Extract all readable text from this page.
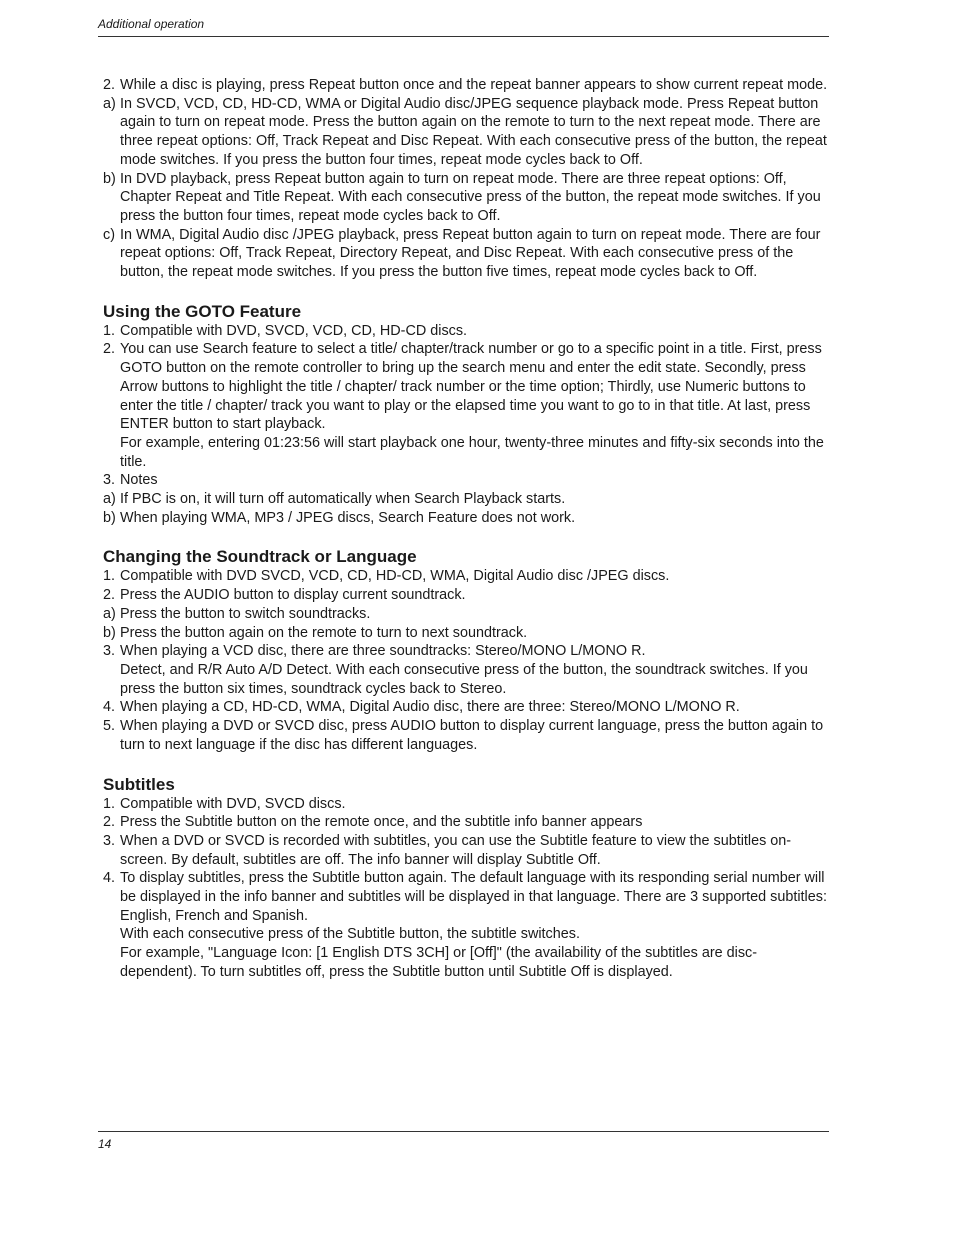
Additional operation
2. While a disc is playing, press Repeat button once and the repeat banner appears to show current repeat mode.
a) In SVCD, VCD, CD, HD-CD, WMA or Digital Audio disc/JPEG sequence playback mode. Press Repeat button again to turn on repeat mode. Press the button again on the remote to turn to the next repeat mode. There are three repeat options: Off, Track Repeat and Disc Repeat. With each consecutive press of the button, the repeat mode switches. If you press the button four times, repeat mode cycles back to Off.
b) In DVD playback, press Repeat button again to turn on repeat mode. There are three repeat options: Off, Chapter Repeat and Title Repeat. With each consecutive press of the button, the repeat mode switches. If you press the button four times, repeat mode cycles back to Off.
c) In WMA, Digital Audio disc /JPEG playback, press Repeat button again to turn on repeat mode. There are four repeat options: Off, Track Repeat, Directory Repeat, and Disc Repeat. With each consecutive press of the button, the repeat mode switches. If you press the button five times, repeat mode cycles back to Off.
Using the GOTO Feature
1. Compatible with DVD, SVCD, VCD, CD, HD-CD discs.
2. You can use Search feature to select a title/ chapter/track number or go to a specific point in a title. First, press GOTO button on the remote controller to bring up the search menu and enter the edit state. Secondly, press Arrow buttons to highlight the title / chapter/ track number or the time option; Thirdly, use Numeric buttons to enter the title / chapter/ track you want to play or the elapsed time you want to go to in that title. At last, press ENTER button to start playback.
For example, entering 01:23:56 will start playback one hour, twenty-three minutes and fifty-six seconds into the title.
3. Notes
a) If PBC is on, it will turn off automatically when Search Playback starts.
b) When playing WMA, MP3 / JPEG discs, Search Feature does not work.
Changing the Soundtrack or Language
1. Compatible with DVD SVCD, VCD, CD, HD-CD, WMA, Digital Audio disc /JPEG discs.
2. Press the AUDIO button to display current soundtrack.
a) Press the button to switch soundtracks.
b) Press the button again on the remote to turn to next soundtrack.
3. When playing a VCD disc, there are three soundtracks: Stereo/MONO L/MONO R.
Detect, and R/R Auto A/D Detect. With each consecutive press of the button, the soundtrack switches. If you press the button six times, soundtrack cycles back to Stereo.
4. When playing a CD, HD-CD, WMA, Digital Audio disc, there are three: Stereo/MONO L/MONO R.
5. When playing a DVD or SVCD disc, press AUDIO button to display current language, press the button again to turn to next language if the disc has different languages.
Subtitles
1. Compatible with DVD, SVCD discs.
2. Press the Subtitle button on the remote once, and the subtitle info banner appears
3. When a DVD or SVCD is recorded with subtitles, you can use the Subtitle feature to view the subtitles on-screen. By default, subtitles are off. The info banner will display Subtitle Off.
4. To display subtitles, press the Subtitle button again. The default language with its responding serial number will be displayed in the info banner and subtitles will be displayed in that language. There are 3 supported subtitles: English, French and Spanish.
With each consecutive press of the Subtitle button, the subtitle switches.
For example, "Language Icon: [1 English DTS 3CH] or [Off]" (the availability of the subtitles are disc-dependent). To turn subtitles off, press the Subtitle button until Subtitle Off is displayed.
14
